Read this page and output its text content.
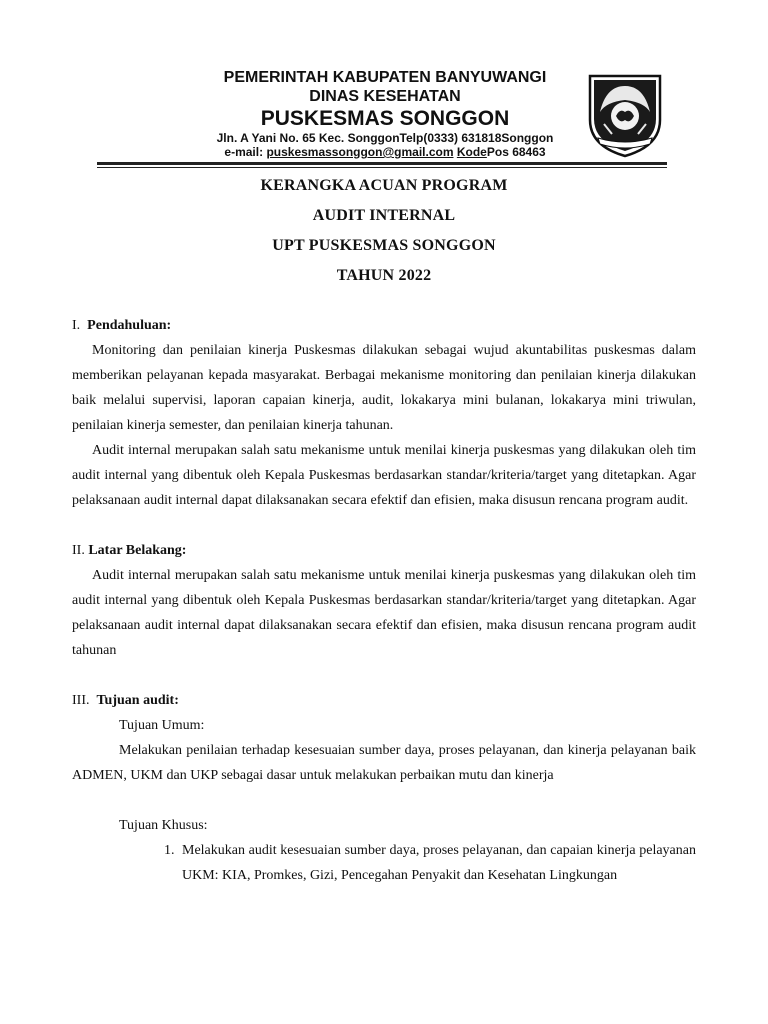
PEMERINTAH KABUPATEN BANYUWANGI
DINAS KESEHATAN
PUSKESMAS SONGGON
Jln. A Yani No. 65 Kec. SonggonTelp(0333) 631818Songgon
e-mail: puskesmassonggon@gmail.com KodePos 68463
KERANGKA ACUAN PROGRAM
AUDIT INTERNAL
UPT PUSKESMAS SONGGON
TAHUN 2022
I. Pendahuluan:

Monitoring dan penilaian kinerja Puskesmas dilakukan sebagai wujud akuntabilitas puskesmas dalam memberikan pelayanan kepada masyarakat. Berbagai mekanisme monitoring dan penilaian kinerja dilakukan baik melalui supervisi, laporan capaian kinerja, audit, lokakarya mini bulanan, lokakarya mini triwulan, penilaian kinerja semester, dan penilaian kinerja tahunan.

Audit internal merupakan salah satu mekanisme untuk menilai kinerja puskesmas yang dilakukan oleh tim audit internal yang dibentuk oleh Kepala Puskesmas berdasarkan standar/kriteria/target yang ditetapkan. Agar pelaksanaan audit internal dapat dilaksanakan secara efektif dan efisien, maka disusun rencana program audit.

II. Latar Belakang:

Audit internal merupakan salah satu mekanisme untuk menilai kinerja puskesmas yang dilakukan oleh tim audit internal yang dibentuk oleh Kepala Puskesmas berdasarkan standar/kriteria/target yang ditetapkan. Agar pelaksanaan audit internal dapat dilaksanakan secara efektif dan efisien, maka disusun rencana program audit tahunan

III. Tujuan audit:
Tujuan Umum:

Melakukan penilaian terhadap kesesuaian sumber daya, proses pelayanan, dan kinerja pelayanan baik ADMEN, UKM dan UKP sebagai dasar untuk melakukan perbaikan mutu dan kinerja

Tujuan Khusus:
1. Melakukan audit kesesuaian sumber daya, proses pelayanan, dan capaian kinerja pelayanan UKM: KIA, Promkes, Gizi, Pencegahan Penyakit dan Kesehatan Lingkungan
